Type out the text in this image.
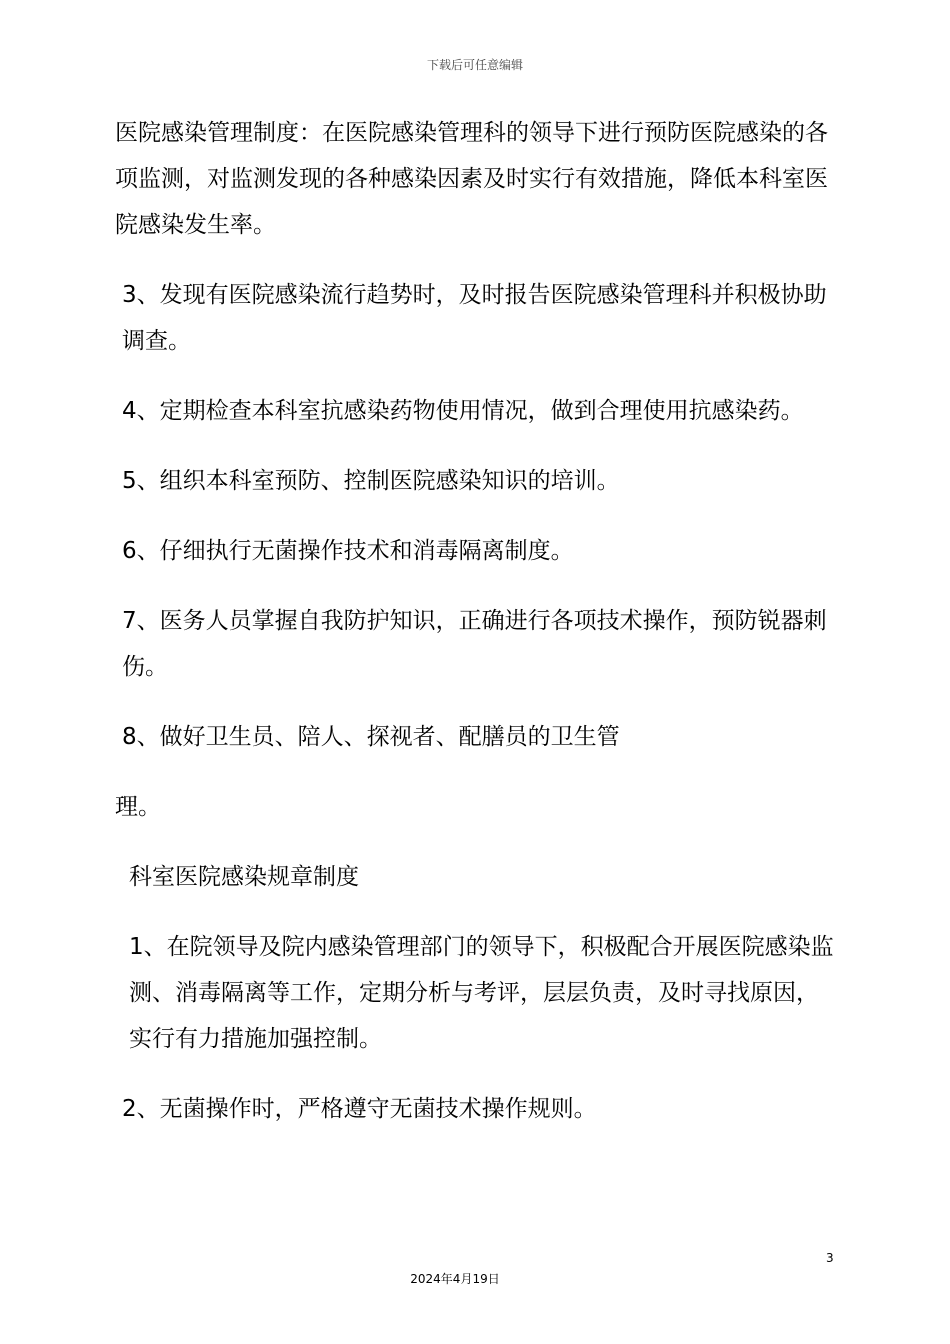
下载后可任意编辑

医院感染管理制度：在医院感染管理科的领导下进行预防医院感染的各项监测，对监测发现的各种感染因素及时实行有效措施，降低本科室医院感染发生率。

3、发现有医院感染流行趋势时，及时报告医院感染管理科并积极协助调查。

4、定期检查本科室抗感染药物使用情况，做到合理使用抗感染药。

5、组织本科室预防、控制医院感染知识的培训。

6、仔细执行无菌操作技术和消毒隔离制度。

7、医务人员掌握自我防护知识，正确进行各项技术操作，预防锐器刺伤。

8、做好卫生员、陪人、探视者、配膳员的卫生管

理。

科室医院感染规章制度

1、在院领导及院内感染管理部门的领导下，积极配合开展医院感染监测、消毒隔离等工作，定期分析与考评，层层负责，及时寻找原因，实行有力措施加强控制。

2、无菌操作时，严格遵守无菌技术操作规则。

3
2024年4月19日
